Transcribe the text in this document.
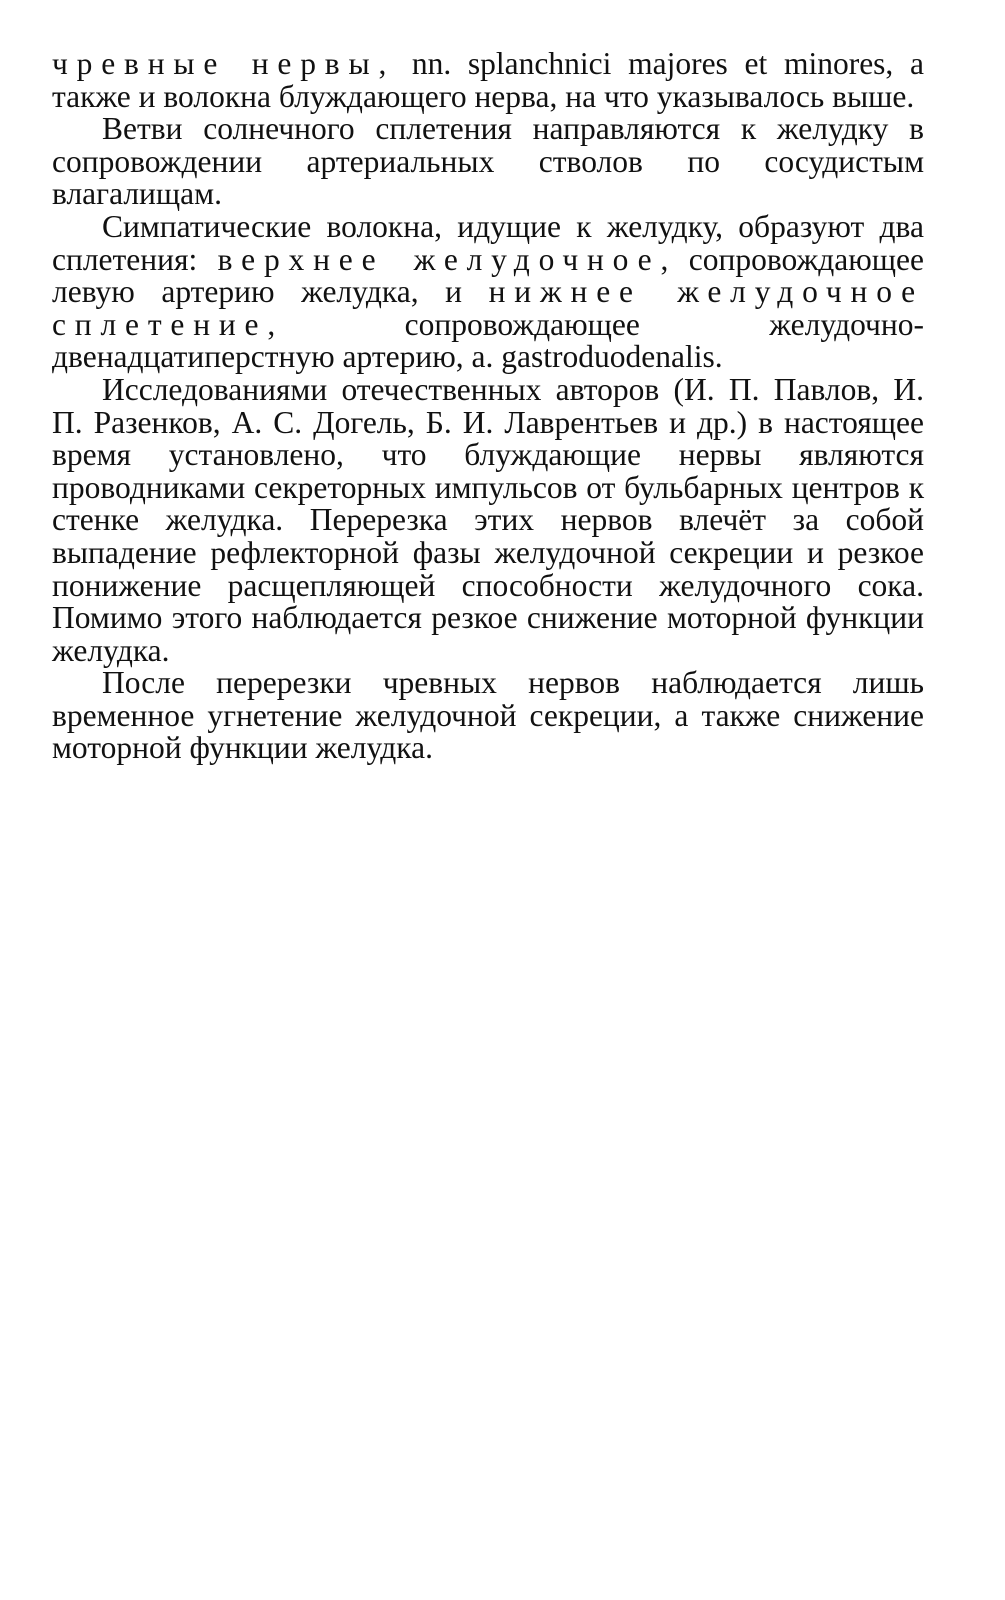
чревные нервы, nn. splanchnici majores et minores, а также и волокна блуждающего нерва, на что указывалось выше.

Ветви солнечного сплетения направляются к желудку в сопровождении артериальных стволов по сосудистым влагалищам.

Симпатические волокна, идущие к желудку, образуют два сплетения: верхнее желудочное, сопровождающее левую артерию желудка, и нижнее желудочное сплетение, сопровождающее желудочно-двенадцатиперстную артерию, a. gastroduodenalis.

Исследованиями отечественных авторов (И. П. Павлов, И. П. Разенков, А. С. Догель, Б. И. Лаврентьев и др.) в настоящее время установлено, что блуждающие нервы являются проводниками секреторных импульсов от бульбарных центров к стенке желудка. Перерезка этих нервов влечёт за собой выпадение рефлекторной фазы желудочной секреции и резкое понижение расщепляющей способности желудочного сока. Помимо этого наблюдается резкое снижение моторной функции желудка.

После перерезки чревных нервов наблюдается лишь временное угнетение желудочной секреции, а также снижение моторной функции желудка.
